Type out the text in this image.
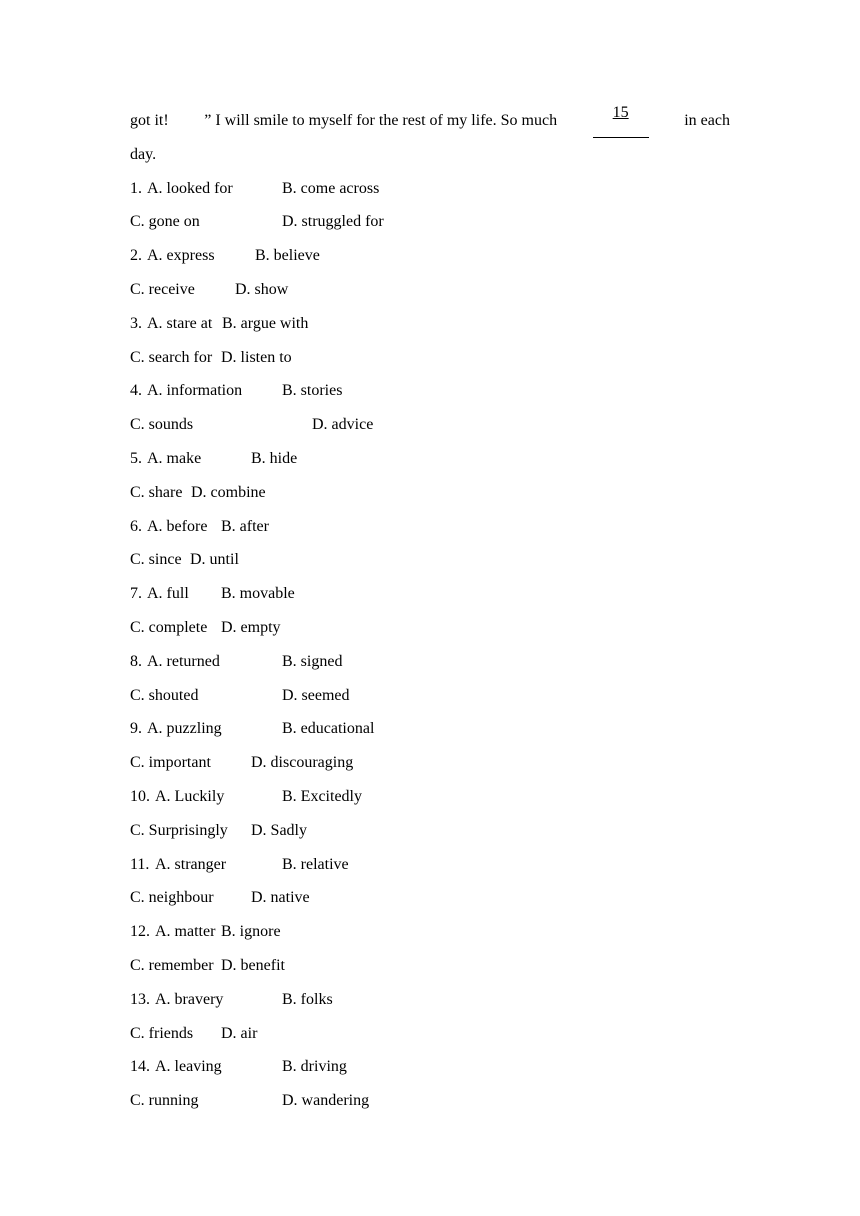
got it! ” I will smile to myself for the rest of my life. So much	15	in each
day.
1. A. looked for	B. come across
C. gone on	D. struggled for
2. A. express	B. believe
C. receive	D. show
3. A. stare at B. argue with
C. search for D. listen to
4. A. information B. stories
C. sounds	D. advice
5. A. make	B. hide
C. share D. combine
6. A. before B. after
C. since D. until
7. A. full B. movable
C. complete D. empty
8. A. returned	B. signed
C. shouted	D. seemed
9. A. puzzling	B. educational
C. important	D. discouraging
10. A. Luckily	B. Excitedly
C. Surprisingly D. Sadly
11. A. stranger	B. relative
C. neighbour D. native
12. A. matter B. ignore
C. remember D. benefit
13. A. bravery	B. folks
C. friends D. air
14. A. leaving	B. driving
C. running	D. wandering
